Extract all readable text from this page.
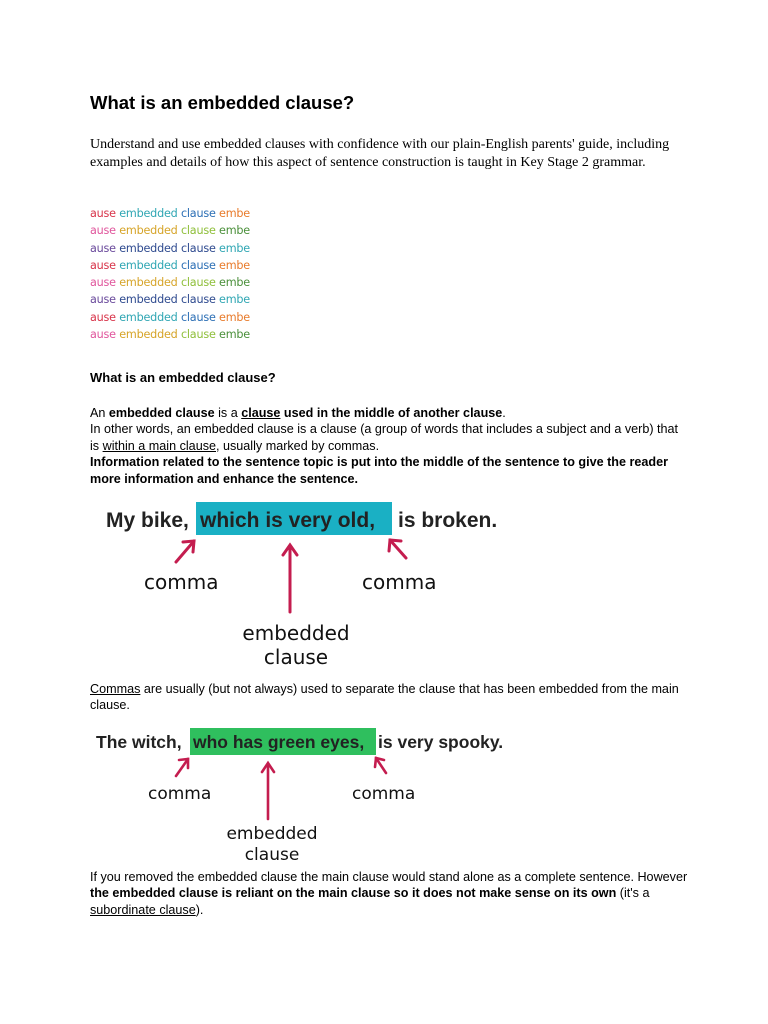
What is an embedded clause?

Understand and use embedded clauses with confidence with our plain-English parents' guide, including examples and details of how this aspect of sentence construction is taught in Key Stage 2 grammar.

ause embedded clause embe
ause embedded clause embe
ause embedded clause embe
ause embedded clause embe
ause embedded clause embe
ause embedded clause embe
ause embedded clause embe
ause embedded clause embe
What is an embedded clause?

An embedded clause is a clause used in the middle of another clause.
In other words, an embedded clause is a clause (a group of words that includes a subject and a verb) that is within a main clause, usually marked by commas.
Information related to the sentence topic is put into the middle of the sentence to give the reader more information and enhance the sentence.

My bike, which is very old, is broken.
comma	comma
embedded
clause

Commas are usually (but not always) used to separate the clause that has been embedded from the main clause.

The witch, who has green eyes, is very spooky.
comma	comma
embedded
clause

If you removed the embedded clause the main clause would stand alone as a complete sentence. However the embedded clause is reliant on the main clause so it does not make sense on its own (it's a subordinate clause).
